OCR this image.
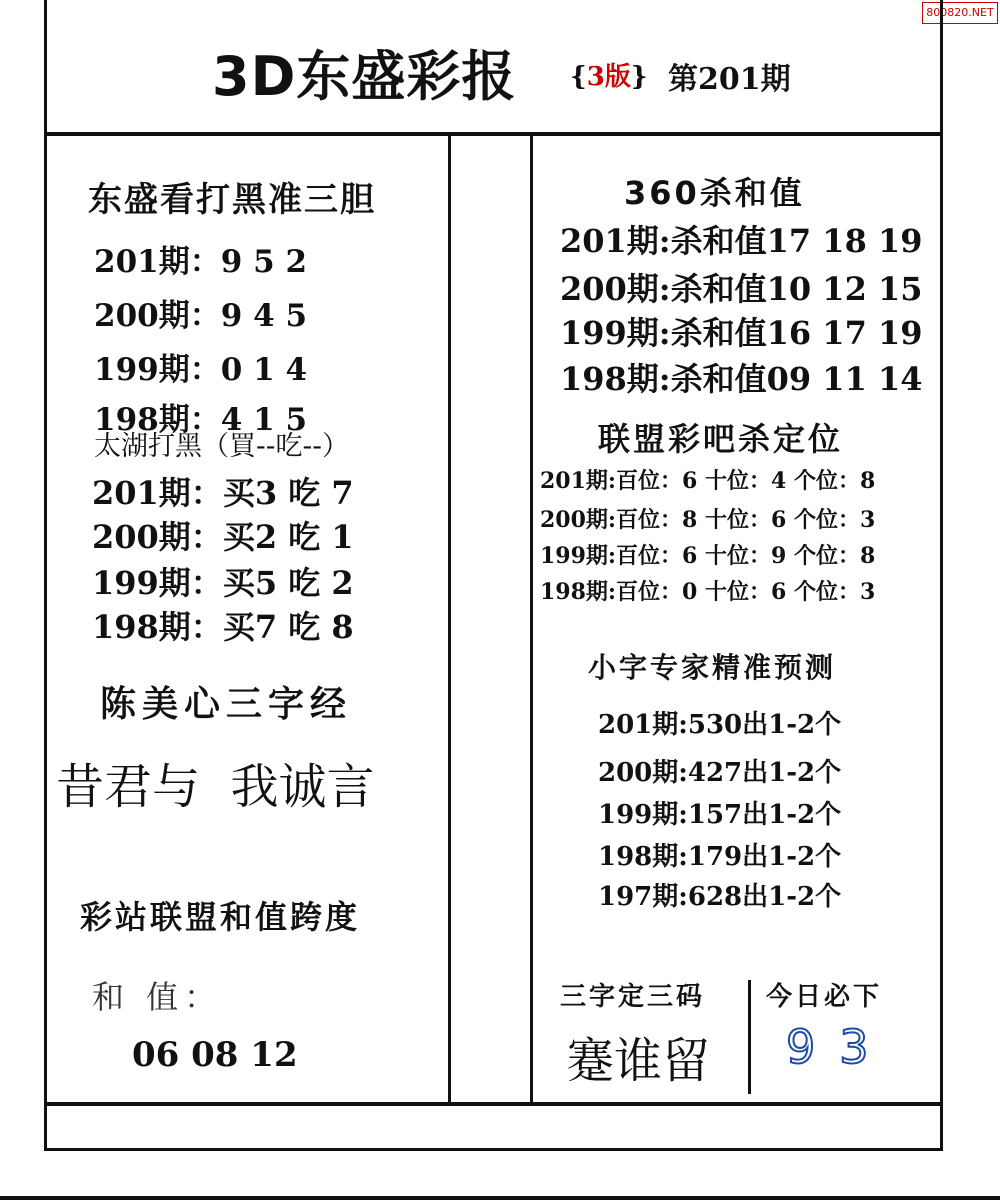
800820.NET
3D东盛彩报 {3版} 第201期
东盛看打黑准三胆
201期：9 5 2
200期：9 4 5
199期：0 1 4
198期：4 1 5
太湖打黑（買--吃--）
201期：买3 吃 7
200期：买2 吃 1
199期：买5 吃 2
198期：买7 吃 8
陈美心三字经
昔君与  我诚言
彩站联盟和值跨度
和 值：
06 08 12
360杀和值
201期:杀和值17 18 19
200期:杀和值10 12 15
199期:杀和值16 17 19
198期:杀和值09 11 14
联盟彩吧杀定位
201期:百位：6 十位：4 个位：8
200期:百位：8 十位：6 个位：3
199期:百位：6 十位：9 个位：8
198期:百位：0 十位：6 个位：3
小字专家精准预测
201期:530出1-2个
200期:427出1-2个
199期:157出1-2个
198期:179出1-2个
197期:628出1-2个
三字定三码
蹇谁留
今日必下
93
